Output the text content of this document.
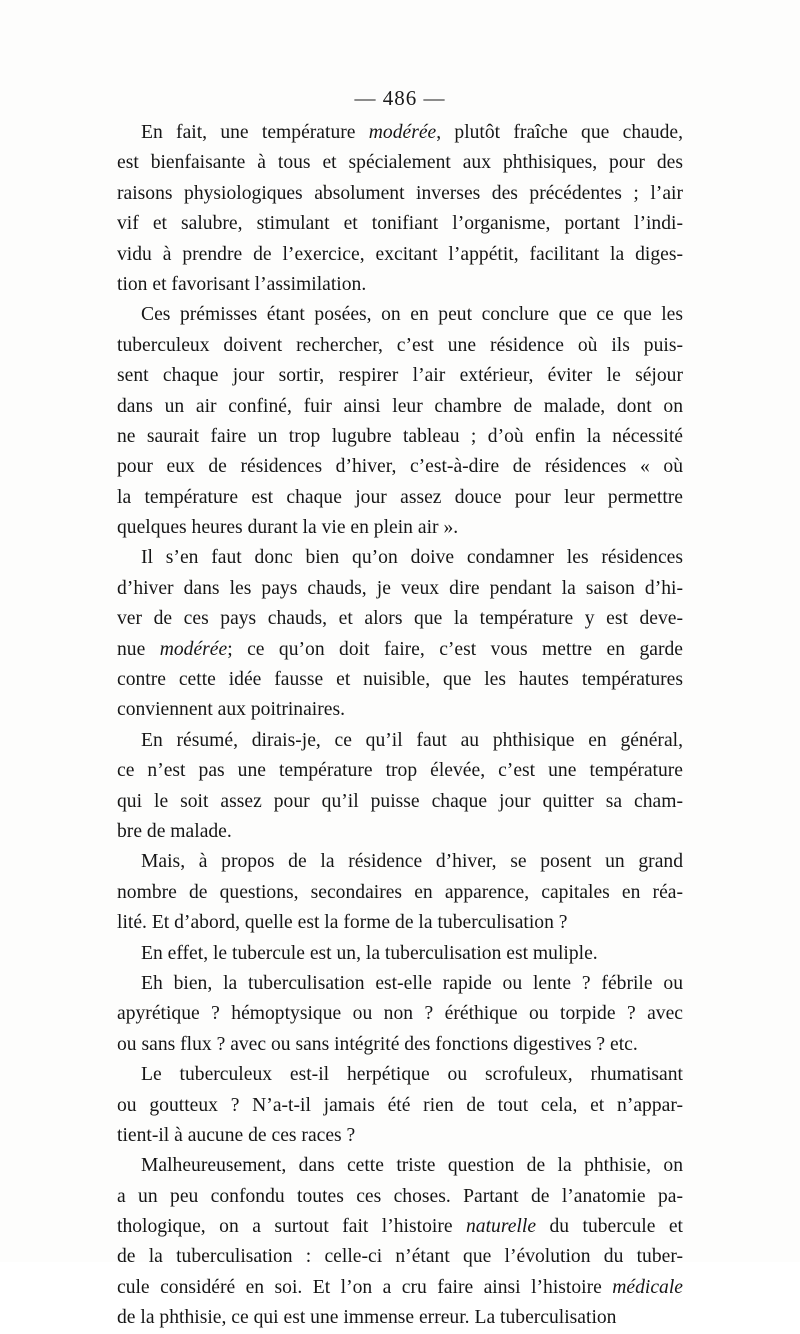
— 486 —
En fait, une température modérée, plutôt fraîche que chaude,
est bienfaisante à tous et spécialement aux phthisiques, pour des
raisons physiologiques absolument inverses des précédentes ; l’air
vif et salubre, stimulant et tonifiant l’organisme, portant l’indi-
vidu à prendre de l’exercice, excitant l’appétit, facilitant la diges-
tion et favorisant l’assimilation.
Ces prémisses étant posées, on en peut conclure que ce que les
tuberculeux doivent rechercher, c’est une résidence où ils puis-
sent chaque jour sortir, respirer l’air extérieur, éviter le séjour
dans un air confiné, fuir ainsi leur chambre de malade, dont on
ne saurait faire un trop lugubre tableau ; d’où enfin la nécessité
pour eux de résidences d’hiver, c’est-à-dire de résidences « où
la température est chaque jour assez douce pour leur permettre
quelques heures durant la vie en plein air ».
Il s’en faut donc bien qu’on doive condamner les résidences
d’hiver dans les pays chauds, je veux dire pendant la saison d’hi-
ver de ces pays chauds, et alors que la température y est deve-
nue modérée; ce qu’on doit faire, c’est vous mettre en garde
contre cette idée fausse et nuisible, que les hautes températures
conviennent aux poitrinaires.
En résumé, dirais-je, ce qu’il faut au phthisique en général,
ce n’est pas une température trop élevée, c’est une température
qui le soit assez pour qu’il puisse chaque jour quitter sa cham-
bre de malade.
Mais, à propos de la résidence d’hiver, se posent un grand
nombre de questions, secondaires en apparence, capitales en réa-
lité. Et d’abord, quelle est la forme de la tuberculisation ?
En effet, le tubercule est un, la tuberculisation est muliple.
Eh bien, la tuberculisation est-elle rapide ou lente ? fébrile ou
apyrétique ? hémoptysique ou non ? éréthique ou torpide ? avec
ou sans flux ? avec ou sans intégrité des fonctions digestives ? etc.
Le tuberculeux est-il herpétique ou scrofuleux, rhumatisant
ou goutteux ? N’a-t-il jamais été rien de tout cela, et n’appar-
tient-il à aucune de ces races ?
Malheureusement, dans cette triste question de la phthisie, on
a un peu confondu toutes ces choses. Partant de l’anatomie pa-
thologique, on a surtout fait l’histoire naturelle du tubercule et
de la tuberculisation : celle-ci n’étant que l’évolution du tuber-
cule considéré en soi. Et l’on a cru faire ainsi l’histoire médicale
de la phthisie, ce qui est une immense erreur. La tuberculisation
